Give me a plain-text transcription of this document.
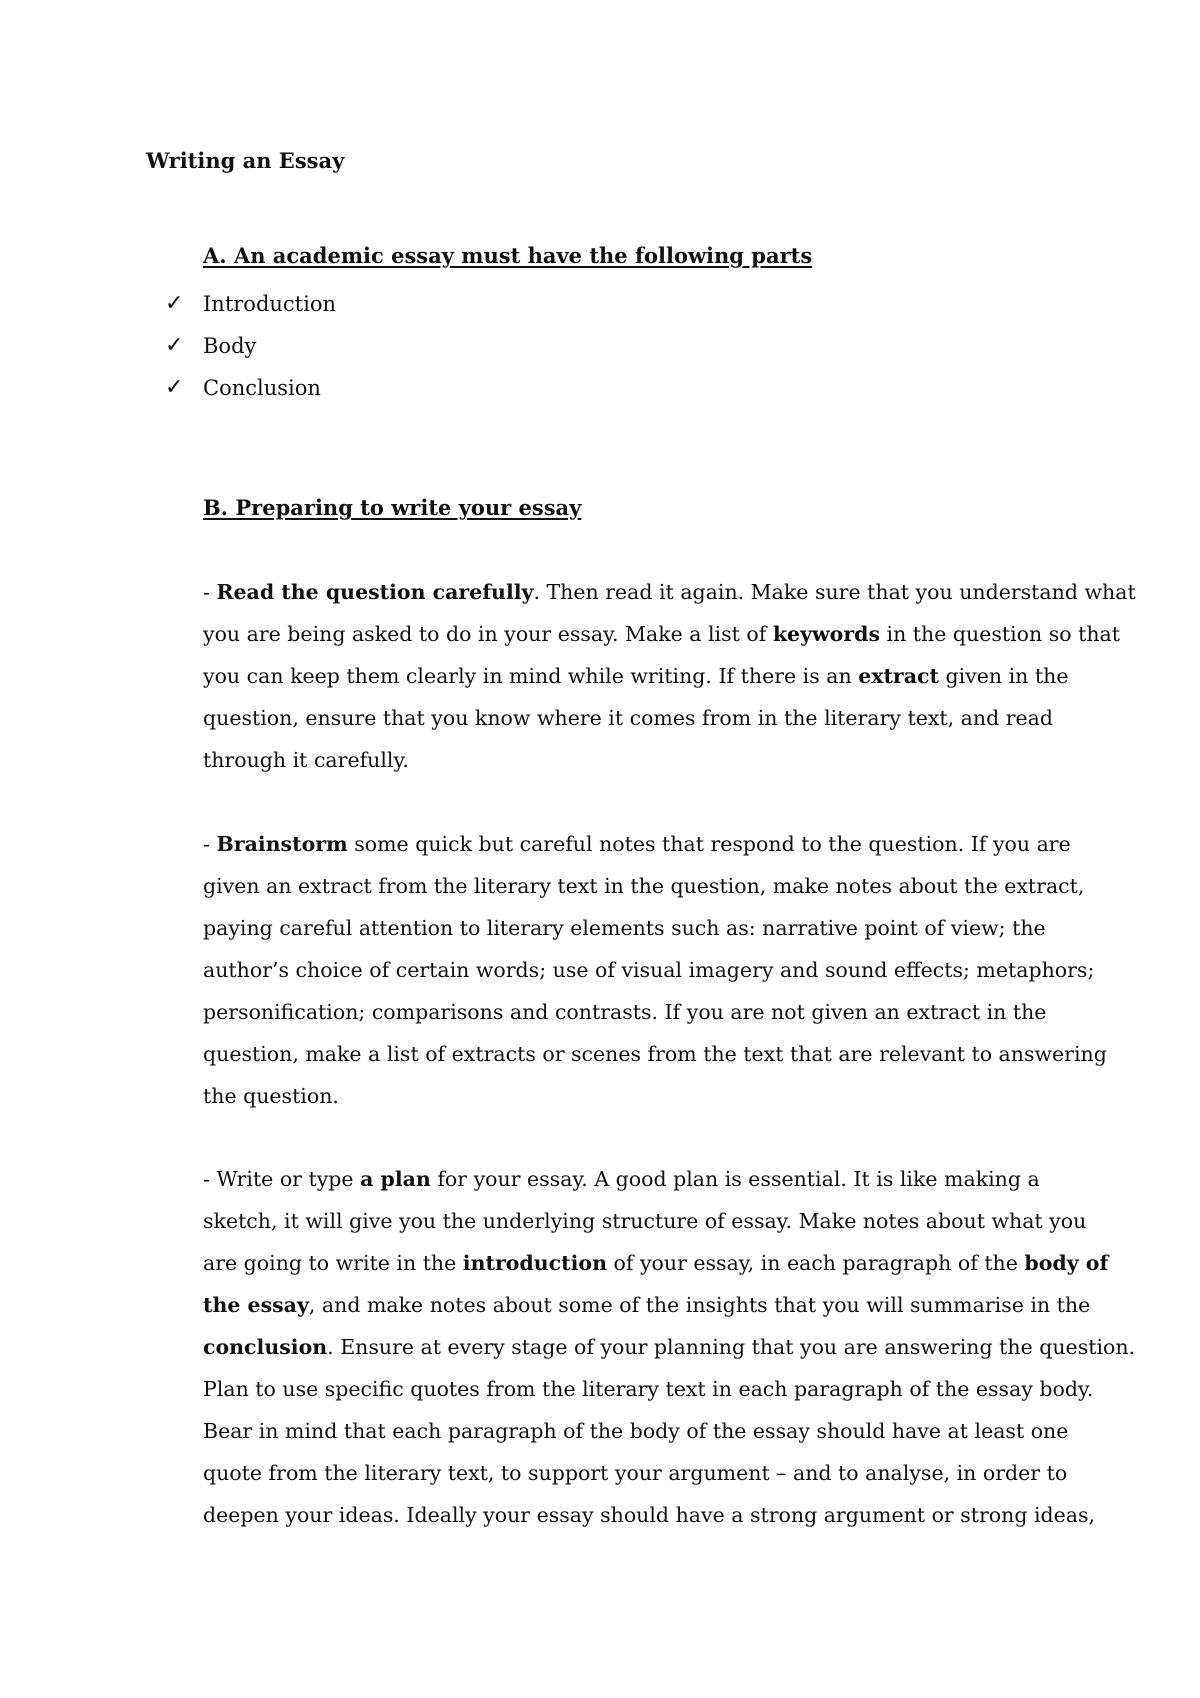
Writing an Essay
A. An academic essay must have the following parts
✓ Introduction
✓ Body
✓ Conclusion
B. Preparing to write your essay

- Read the question carefully. Then read it again. Make sure that you understand what
you are being asked to do in your essay. Make a list of keywords in the question so that
you can keep them clearly in mind while writing. If there is an extract given in the
question, ensure that you know where it comes from in the literary text, and read
through it carefully.

- Brainstorm some quick but careful notes that respond to the question. If you are
given an extract from the literary text in the question, make notes about the extract,
paying careful attention to literary elements such as: narrative point of view; the
author’s choice of certain words; use of visual imagery and sound effects; metaphors;
personification; comparisons and contrasts. If you are not given an extract in the
question, make a list of extracts or scenes from the text that are relevant to answering
the question.

- Write or type a plan for your essay. A good plan is essential. It is like making a
sketch, it will give you the underlying structure of essay. Make notes about what you
are going to write in the introduction of your essay, in each paragraph of the body of
the essay, and make notes about some of the insights that you will summarise in the
conclusion. Ensure at every stage of your planning that you are answering the question.
Plan to use specific quotes from the literary text in each paragraph of the essay body.
Bear in mind that each paragraph of the body of the essay should have at least one
quote from the literary text, to support your argument – and to analyse, in order to
deepen your ideas. Ideally your essay should have a strong argument or strong ideas,
